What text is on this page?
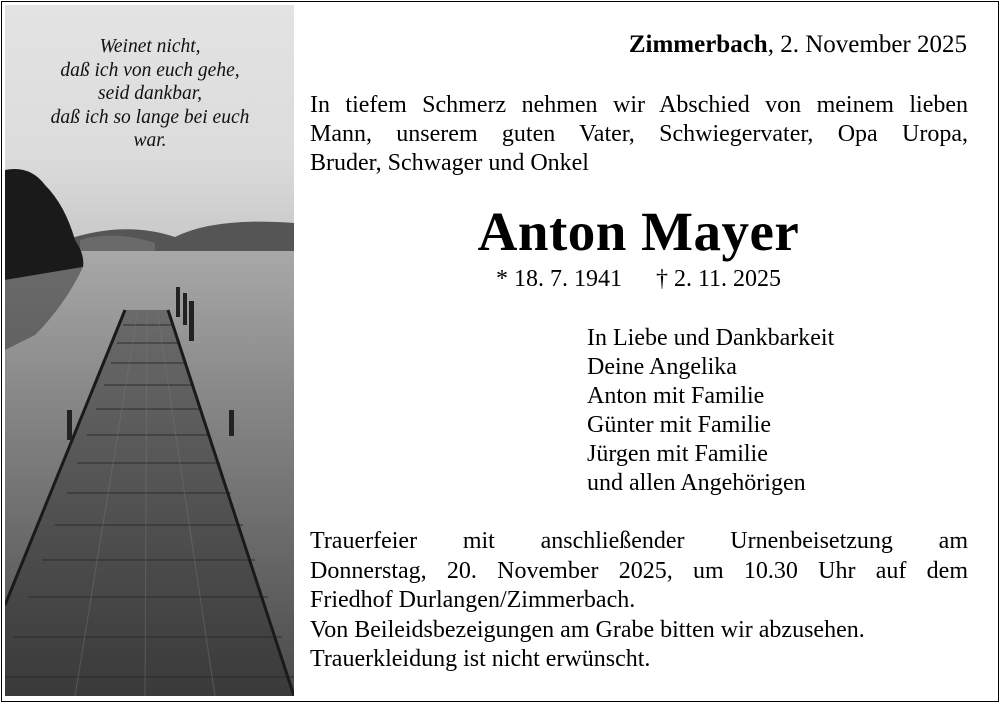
Weinet nicht,
daß ich von euch gehe,
seid dankbar,
daß ich so lange bei euch
war.
Zimmerbach, 2. November 2025
In tiefem Schmerz nehmen wir Abschied von meinem lieben
Mann, unserem guten Vater, Schwiegervater, Opa Uropa,
Bruder, Schwager und Onkel
Anton Mayer
* 18. 7. 1941 † 2. 11. 2025
In Liebe und Dankbarkeit
Deine Angelika
Anton mit Familie
Günter mit Familie
Jürgen mit Familie
und allen Angehörigen
Trauerfeier mit anschließender Urnenbeisetzung am
Donnerstag, 20. November 2025, um 10.30 Uhr auf dem
Friedhof Durlangen/Zimmerbach.
Von Beileidsbezeigungen am Grabe bitten wir abzusehen.
Trauerkleidung ist nicht erwünscht.
